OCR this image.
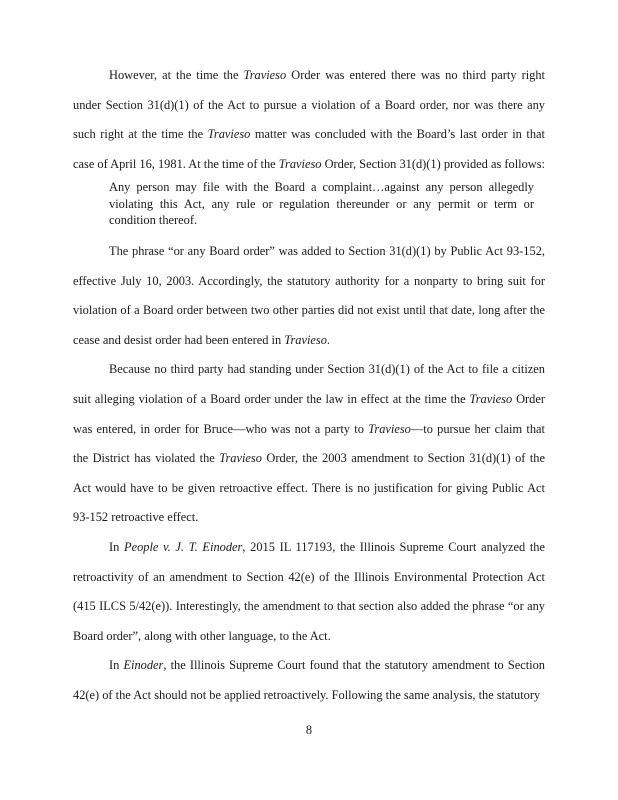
However, at the time the Travieso Order was entered there was no third party right under Section 31(d)(1) of the Act to pursue a violation of a Board order, nor was there any such right at the time the Travieso matter was concluded with the Board’s last order in that case of April 16, 1981. At the time of the Travieso Order, Section 31(d)(1) provided as follows:

Any person may file with the Board a complaint…against any person allegedly violating this Act, any rule or regulation thereunder or any permit or term or condition thereof.

The phrase “or any Board order” was added to Section 31(d)(1) by Public Act 93-152, effective July 10, 2003. Accordingly, the statutory authority for a nonparty to bring suit for violation of a Board order between two other parties did not exist until that date, long after the cease and desist order had been entered in Travieso.

Because no third party had standing under Section 31(d)(1) of the Act to file a citizen suit alleging violation of a Board order under the law in effect at the time the Travieso Order was entered, in order for Bruce—who was not a party to Travieso—to pursue her claim that the District has violated the Travieso Order, the 2003 amendment to Section 31(d)(1) of the Act would have to be given retroactive effect. There is no justification for giving Public Act 93-152 retroactive effect.

In People v. J. T. Einoder, 2015 IL 117193, the Illinois Supreme Court analyzed the retroactivity of an amendment to Section 42(e) of the Illinois Environmental Protection Act (415 ILCS 5/42(e)). Interestingly, the amendment to that section also added the phrase “or any Board order”, along with other language, to the Act.

In Einoder, the Illinois Supreme Court found that the statutory amendment to Section 42(e) of the Act should not be applied retroactively. Following the same analysis, the statutory

8
